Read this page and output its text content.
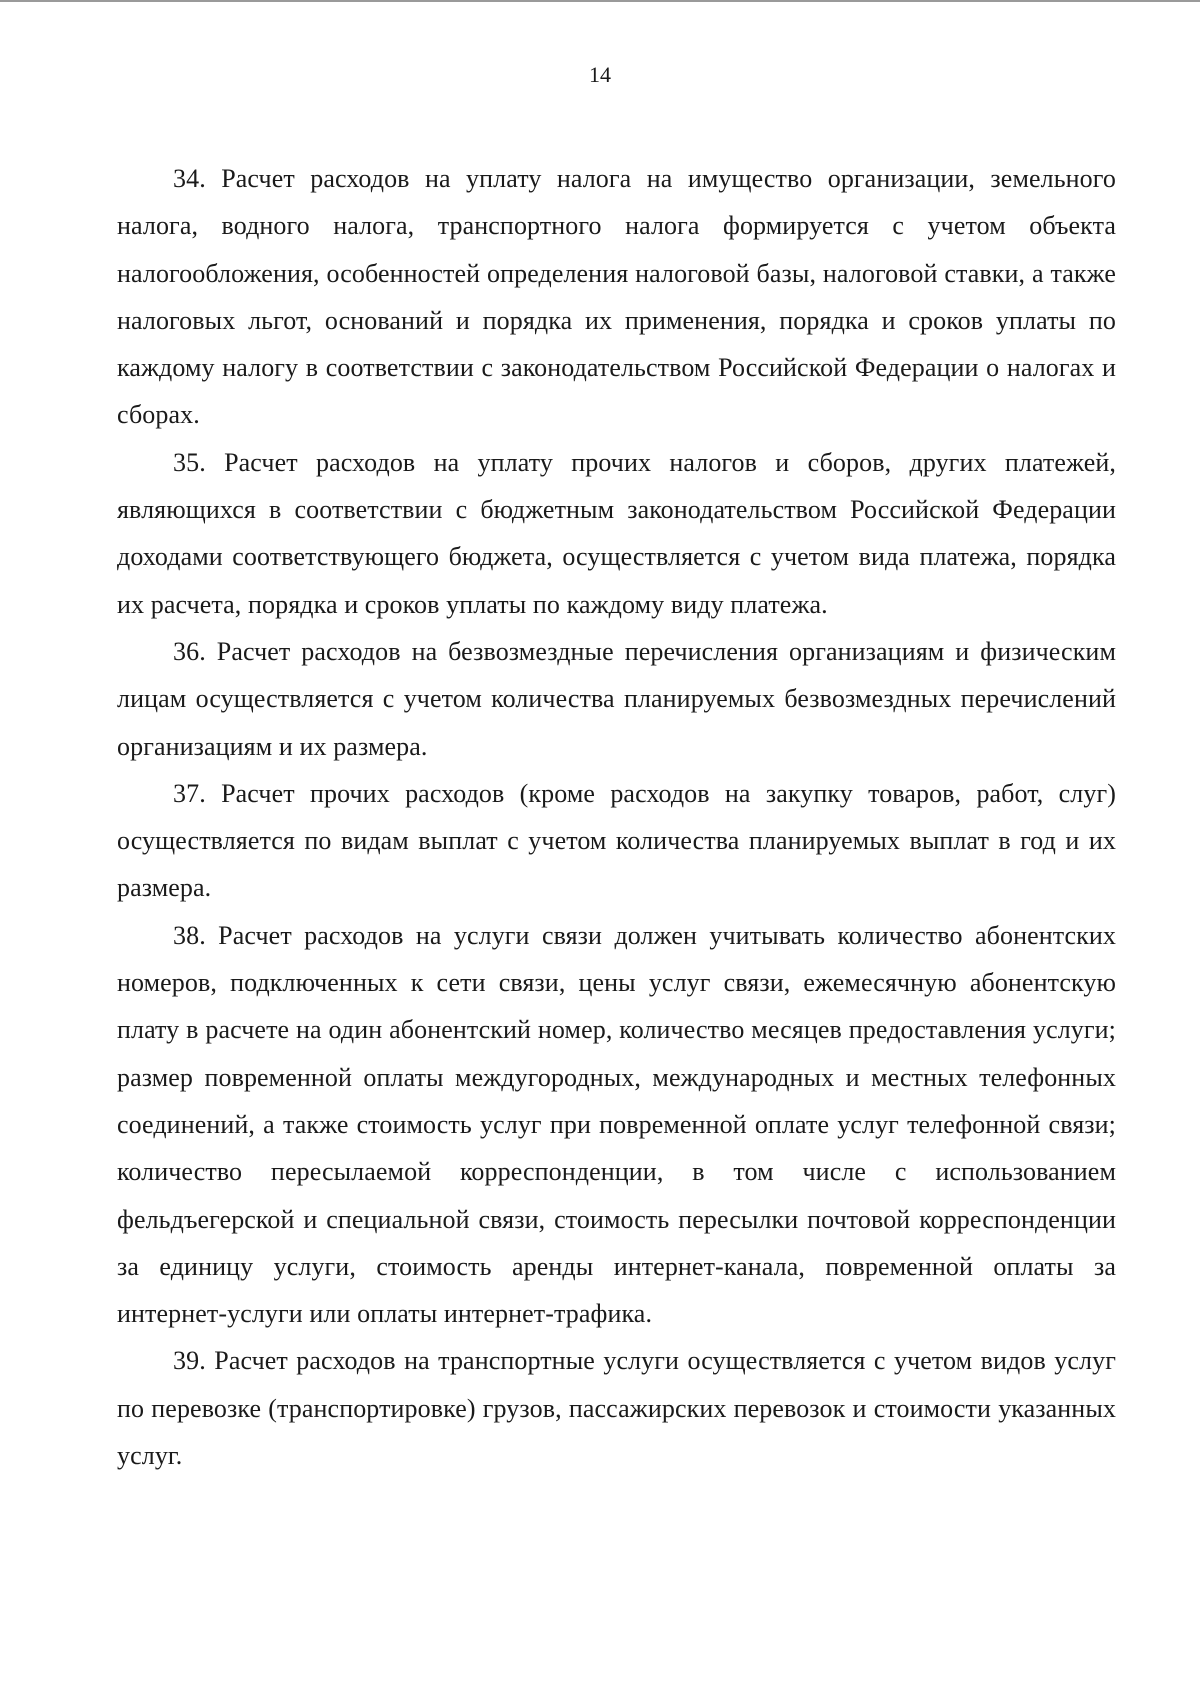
14

34. Расчет расходов на уплату налога на имущество организации, земельного налога, водного налога, транспортного налога формируется с учетом объекта налогообложения, особенностей определения налоговой базы, налоговой ставки, а также налоговых льгот, оснований и порядка их применения, порядка и сроков уплаты по каждому налогу в соответствии с законодательством Российской Федерации о налогах и сборах.

35. Расчет расходов на уплату прочих налогов и сборов, других платежей, являющихся в соответствии с бюджетным законодательством Российской Федерации доходами соответствующего бюджета, осуществляется с учетом вида платежа, порядка их расчета, порядка и сроков уплаты по каждому виду платежа.

36. Расчет расходов на безвозмездные перечисления организациям и физическим лицам осуществляется с учетом количества планируемых безвозмездных перечислений организациям и их размера.

37. Расчет прочих расходов (кроме расходов на закупку товаров, работ, слуг) осуществляется по видам выплат с учетом количества планируемых выплат в год и их размера.

38. Расчет расходов на услуги связи должен учитывать количество абонентских номеров, подключенных к сети связи, цены услуг связи, ежемесячную абонентскую плату в расчете на один абонентский номер, количество месяцев предоставления услуги; размер повременной оплаты междугородных, международных и местных телефонных соединений, а также стоимость услуг при повременной оплате услуг телефонной связи; количество пересылаемой корреспонденции, в том числе с использованием фельдъегерской и специальной связи, стоимость пересылки почтовой корреспонденции за единицу услуги, стоимость аренды интернет-канала, повременной оплаты за интернет-услуги или оплаты интернет-трафика.

39. Расчет расходов на транспортные услуги осуществляется с учетом видов услуг по перевозке (транспортировке) грузов, пассажирских перевозок и стоимости указанных услуг.
